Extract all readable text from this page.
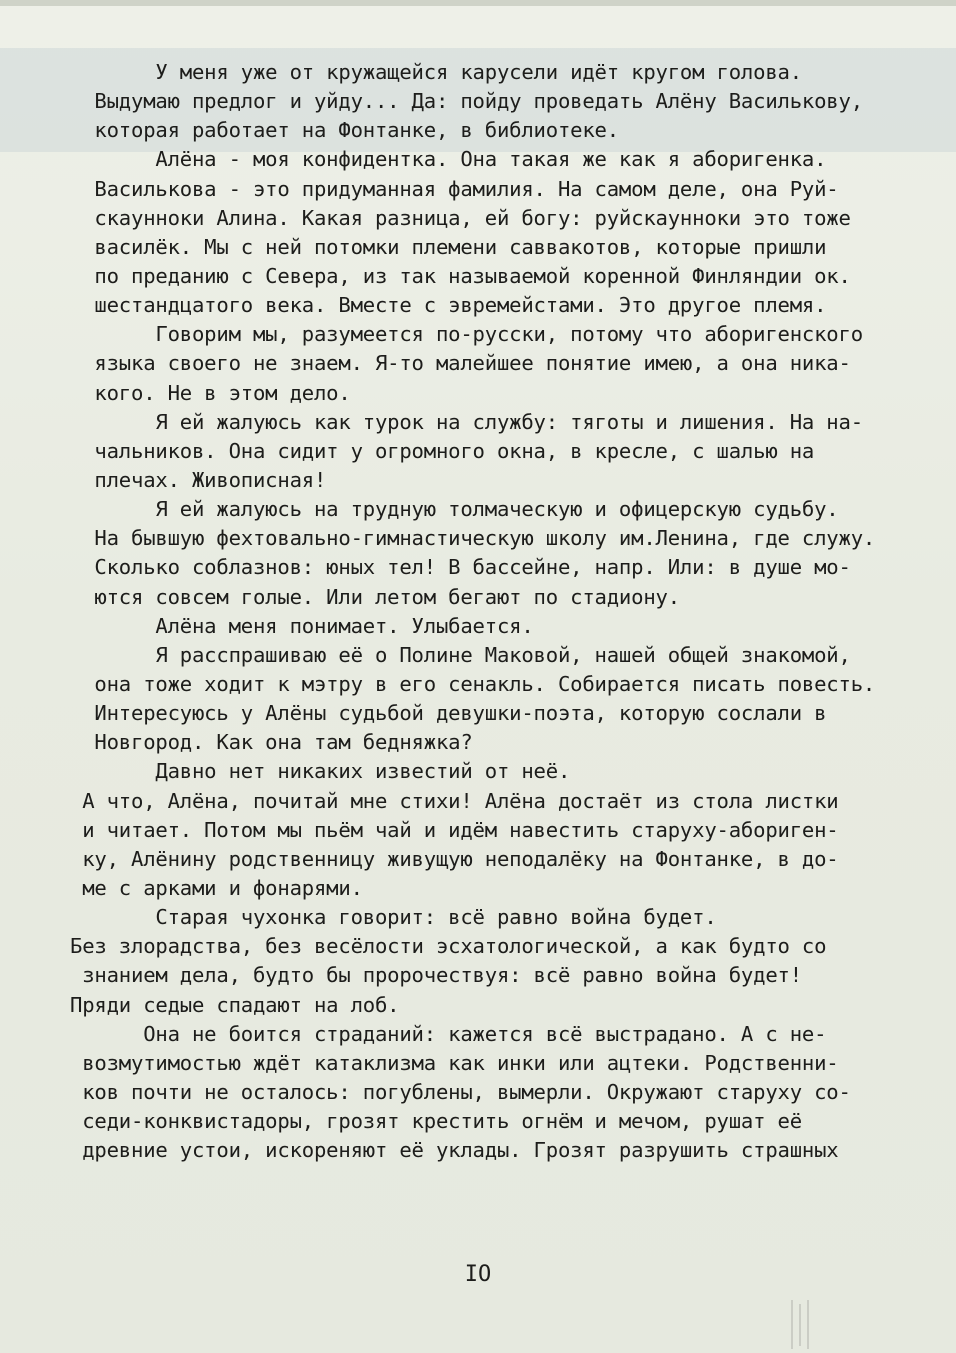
У меня уже от кружащейся карусели идёт кругом голова.
Выдумаю предлог и уйду... Да: пойду проведать Алёну Василькову,
которая работает на Фонтанке, в библиотеке.
Алёна - моя конфидентка. Она такая же как я аборигенка.
Василькова - это придуманная фамилия. На самом деле, она Руй-
скаунноки Алина. Какая разница, ей богу: руйскаунноки это тоже
василёк. Мы с ней потомки племени саввакотов, которые пришли
по преданию с Севера, из так называемой коренной Финляндии ок.
шестандцатого века. Вместе с эвремейстами. Это другое племя.
Говорим мы, разумеется по-русски, потому что аборигенского
языка своего не знаем. Я-то малейшее понятие имею, а она ника-
кого. Не в этом дело.
Я ей жалуюсь как турок на службу: тяготы и лишения. На на-
чальников. Она сидит у огромного окна, в кресле, с шалью на
плечах. Живописная!
Я ей жалуюсь на трудную толмаческую и офицерскую судьбу.
На бывшую фехтовально-гимнастическую школу им.Ленина, где служу.
Сколько соблазнов: юных тел! В бассейне, напр. Или: в душе мо-
ются совсем голые. Или летом бегают по стадиону.
Алёна меня понимает. Улыбается.
Я расспрашиваю её о Полине Маковой, нашей общей знакомой,
она тоже ходит к мэтру в его сенакль. Собирается писать повесть.
Интересуюсь у Алёны судьбой девушки-поэта, которую сослали в
Новгород. Как она там бедняжка?
Давно нет никаких известий от неё.
А что, Алёна, почитай мне стихи! Алёна достаёт из стола листки
и читает. Потом мы пьём чай и идём навестить старуху-абориген-
ку, Алёнину родственницу живущую неподалёку на Фонтанке, в до-
ме с арками и фонарями.
Старая чухонка говорит: всё равно война будет.
Без злорадства, без весёлости эсхатологической, а как будто со
знанием дела, будто бы пророчествуя: всё равно война будет!
Пряди седые спадают на лоб.
Она не боится страданий: кажется всё выстрадано. А с не-
возмутимостью ждёт катаклизма как инки или ацтеки. Родственни-
ков почти не осталось: погублены, вымерли. Окружают старуху со-
седи-конквистадоры, грозят крестить огнём и мечом, рушат её
древние устои, искореняют её уклады. Грозят разрушить страшных
IO
